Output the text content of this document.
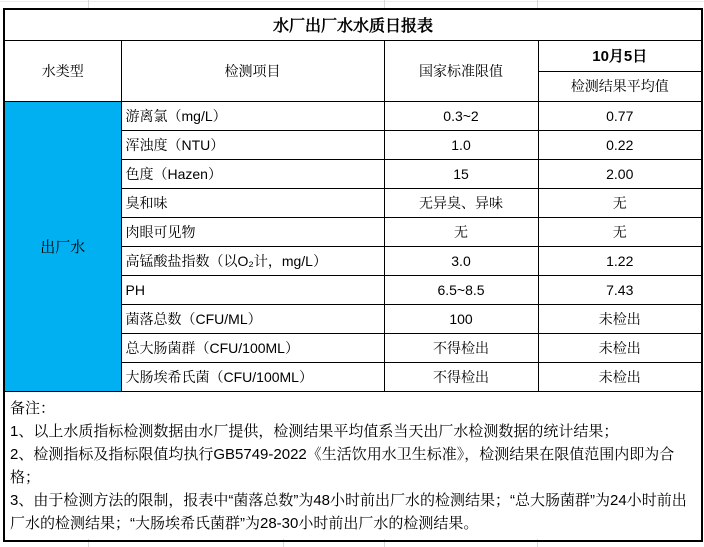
水厂出厂水水质日报表			
水类型	检测项目	国家标准限值	10月5日
			检测结果平均值
出厂水	游离氯（mg/L）	0.3~2	0.77
	浑浊度（NTU）	1.0	0.22
	色度（Hazen）	15	2.00
	臭和味	无异臭、异味	无
	肉眼可见物	无	无
	高锰酸盐指数（以O₂计，mg/L）	3.0	1.22
	PH	6.5~8.5	7.43
	菌落总数（CFU/ML）	100	未检出
	总大肠菌群（CFU/100ML）	不得检出	未检出
	大肠埃希氏菌（CFU/100ML）	不得检出	未检出

备注：
1、以上水质指标检测数据由水厂提供，检测结果平均值系当天出厂水检测数据的统计结果；
2、检测指标及指标限值均执行GB5749-2022《生活饮用水卫生标准》，检测结果在限值范围内即为合格；
3、由于检测方法的限制，报表中“菌落总数”为48小时前出厂水的检测结果；“总大肠菌群”为24小时前出厂水的检测结果；“大肠埃希氏菌群”为28-30小时前出厂水的检测结果。			
